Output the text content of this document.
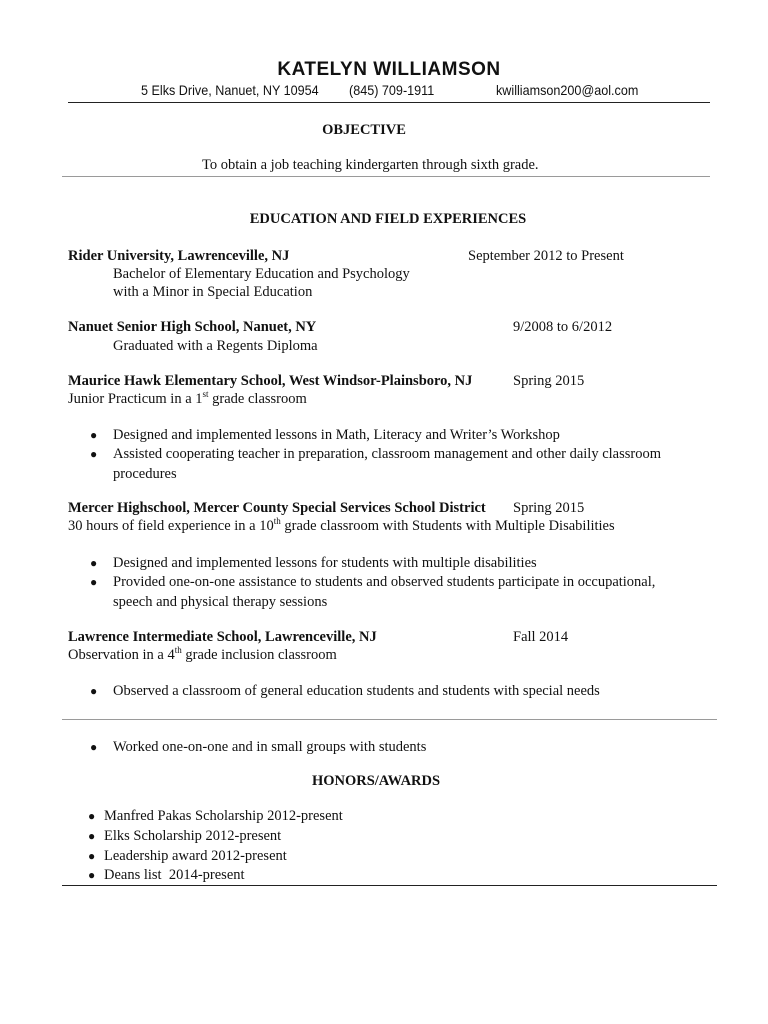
KATELYN WILLIAMSON
5 Elks Drive, Nanuet, NY 10954 (845) 709-1911	kwilliamson200@aol.com
OBJECTIVE
To obtain a job teaching kindergarten through sixth grade.
EDUCATION AND FIELD EXPERIENCES
Rider University, Lawrenceville, NJ	September 2012 to Present
Bachelor of Elementary Education and Psychology
with a Minor in Special Education
Nanuet Senior High School, Nanuet, NY	9/2008 to 6/2012
Graduated with a Regents Diploma
Maurice Hawk Elementary School, West Windsor-Plainsboro, NJ	Spring 2015
Junior Practicum in a 1st grade classroom
● Designed and implemented lessons in Math, Literacy and Writer’s Workshop
● Assisted cooperating teacher in preparation, classroom management and other daily classroom
procedures
Mercer Highschool, Mercer County Special Services School District Spring 2015
30 hours of field experience in a 10th grade classroom with Students with Multiple Disabilities
● Designed and implemented lessons for students with multiple disabilities
● Provided one-on-one assistance to students and observed students participate in occupational,
speech and physical therapy sessions
Lawrence Intermediate School, Lawrenceville, NJ	Fall 2014
Observation in a 4th grade inclusion classroom
● Observed a classroom of general education students and students with special needs
● Worked one-on-one and in small groups with students
HONORS/AWARDS
● Manfred Pakas Scholarship 2012-present
● Elks Scholarship 2012-present
● Leadership award 2012-present
● Deans list  2014-present
